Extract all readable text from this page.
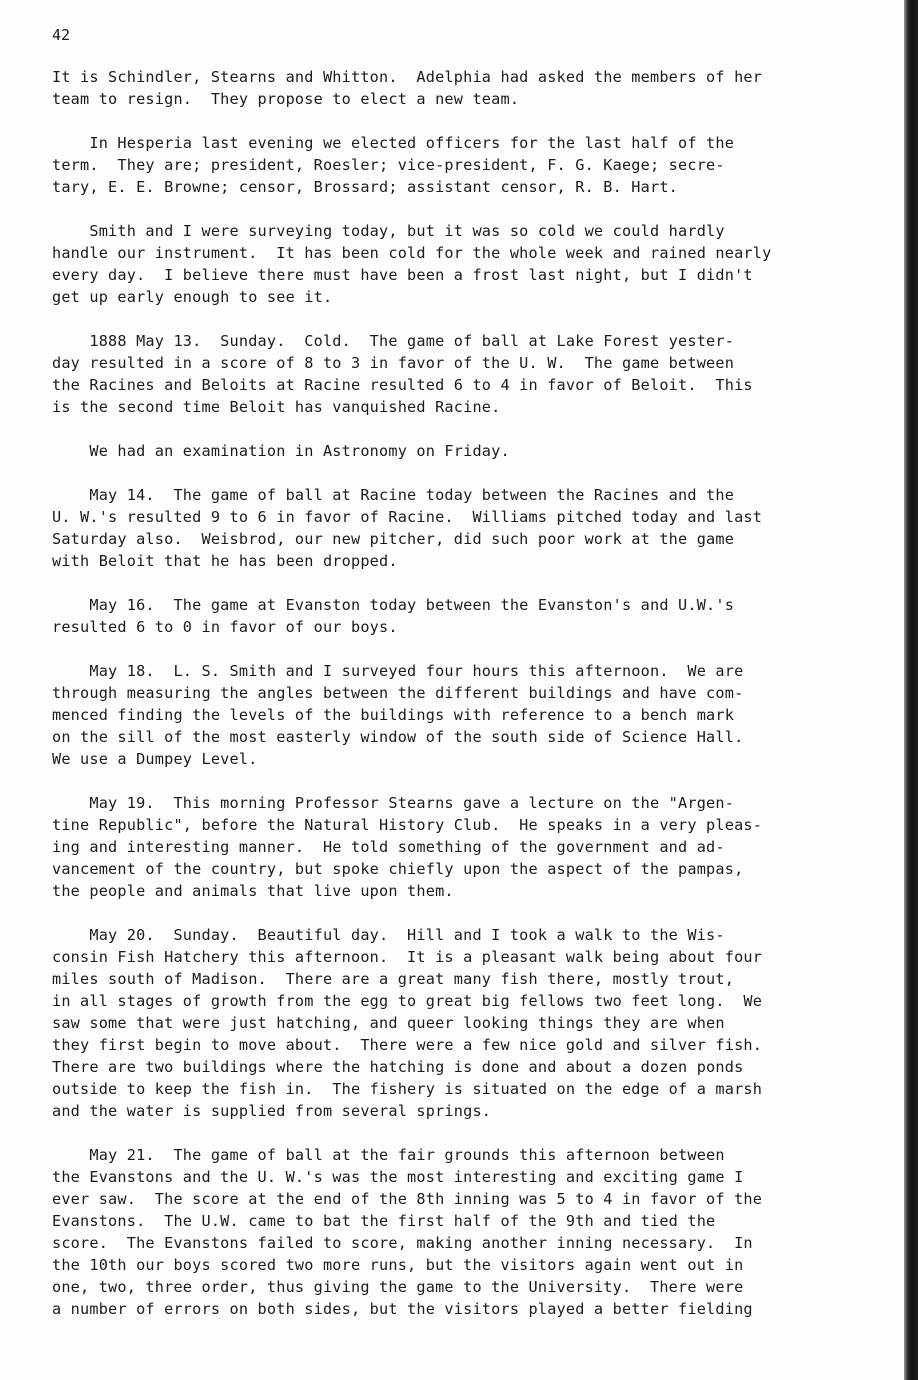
42
It is Schindler, Stearns and Whitton.  Adelphia had asked the members of her
team to resign.  They propose to elect a new team.
In Hesperia last evening we elected officers for the last half of the
term.  They are; president, Roesler; vice-president, F. G. Kaege; secre-
tary, E. E. Browne; censor, Brossard; assistant censor, R. B. Hart.
Smith and I were surveying today, but it was so cold we could hardly
handle our instrument.  It has been cold for the whole week and rained nearly
every day.  I believe there must have been a frost last night, but I didn't
get up early enough to see it.
1888 May 13.  Sunday.  Cold.  The game of ball at Lake Forest yester-
day resulted in a score of 8 to 3 in favor of the U. W.  The game between
the Racines and Beloits at Racine resulted 6 to 4 in favor of Beloit.  This
is the second time Beloit has vanquished Racine.
We had an examination in Astronomy on Friday.
May 14.  The game of ball at Racine today between the Racines and the
U. W.'s resulted 9 to 6 in favor of Racine.  Williams pitched today and last
Saturday also.  Weisbrod, our new pitcher, did such poor work at the game
with Beloit that he has been dropped.
May 16.  The game at Evanston today between the Evanston's and U.W.'s
resulted 6 to 0 in favor of our boys.
May 18.  L. S. Smith and I surveyed four hours this afternoon.  We are
through measuring the angles between the different buildings and have com-
menced finding the levels of the buildings with reference to a bench mark
on the sill of the most easterly window of the south side of Science Hall.
We use a Dumpey Level.
May 19.  This morning Professor Stearns gave a lecture on the "Argen-
tine Republic", before the Natural History Club.  He speaks in a very pleas-
ing and interesting manner.  He told something of the government and ad-
vancement of the country, but spoke chiefly upon the aspect of the pampas,
the people and animals that live upon them.
May 20.  Sunday.  Beautiful day.  Hill and I took a walk to the Wis-
consin Fish Hatchery this afternoon.  It is a pleasant walk being about four
miles south of Madison.  There are a great many fish there, mostly trout,
in all stages of growth from the egg to great big fellows two feet long.  We
saw some that were just hatching, and queer looking things they are when
they first begin to move about.  There were a few nice gold and silver fish.
There are two buildings where the hatching is done and about a dozen ponds
outside to keep the fish in.  The fishery is situated on the edge of a marsh
and the water is supplied from several springs.
May 21.  The game of ball at the fair grounds this afternoon between
the Evanstons and the U. W.'s was the most interesting and exciting game I
ever saw.  The score at the end of the 8th inning was 5 to 4 in favor of the
Evanstons.  The U.W. came to bat the first half of the 9th and tied the
score.  The Evanstons failed to score, making another inning necessary.  In
the 10th our boys scored two more runs, but the visitors again went out in
one, two, three order, thus giving the game to the University.  There were
a number of errors on both sides, but the visitors played a better fielding
